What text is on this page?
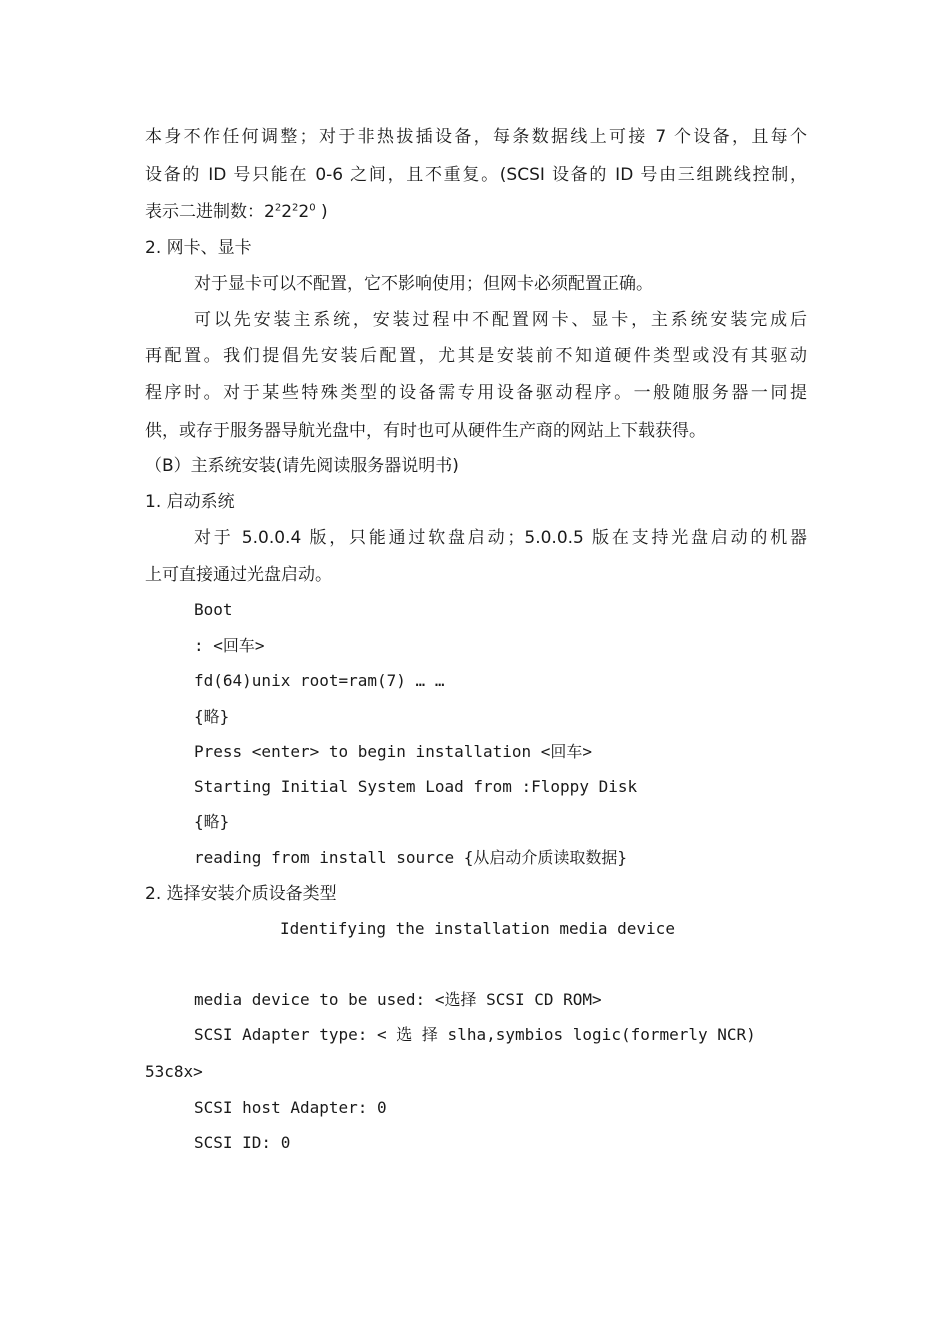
本身不作任何调整；对于非热拔插设备，每条数据线上可接 7 个设备，且每个

设备的 ID 号只能在 0-6 之间，且不重复。(SCSI 设备的 ID 号由三组跳线控制，

表示二进制数：$2^22^22^0$ )

2. 网卡、显卡

对于显卡可以不配置，它不影响使用；但网卡必须配置正确。

可以先安装主系统，安装过程中不配置网卡、显卡，主系统安装完成后

再配置。我们提倡先安装后配置，尤其是安装前不知道硬件类型或没有其驱动

程序时。对于某些特殊类型的设备需专用设备驱动程序。一般随服务器一同提

供，或存于服务器导航光盘中，有时也可从硬件生产商的网站上下载获得。

（B）主系统安装(请先阅读服务器说明书)

1. 启动系统

对于 5.0.0.4 版，只能通过软盘启动；5.0.0.5 版在支持光盘启动的机器

上可直接通过光盘启动。

Boot

: <回车>

fd(64)unix root=ram(7) … …

{略}

Press <enter> to begin installation <回车>

Starting Initial System Load from :Floppy Disk

{略}

reading from install source {从启动介质读取数据}

2. 选择安装介质设备类型

Identifying the installation media device

media device to be used: <选择 SCSI CD ROM>

SCSI Adapter type: < 选 择 slha,symbios logic(formerly NCR)

53c8x>

SCSI host Adapter: 0

SCSI ID: 0
